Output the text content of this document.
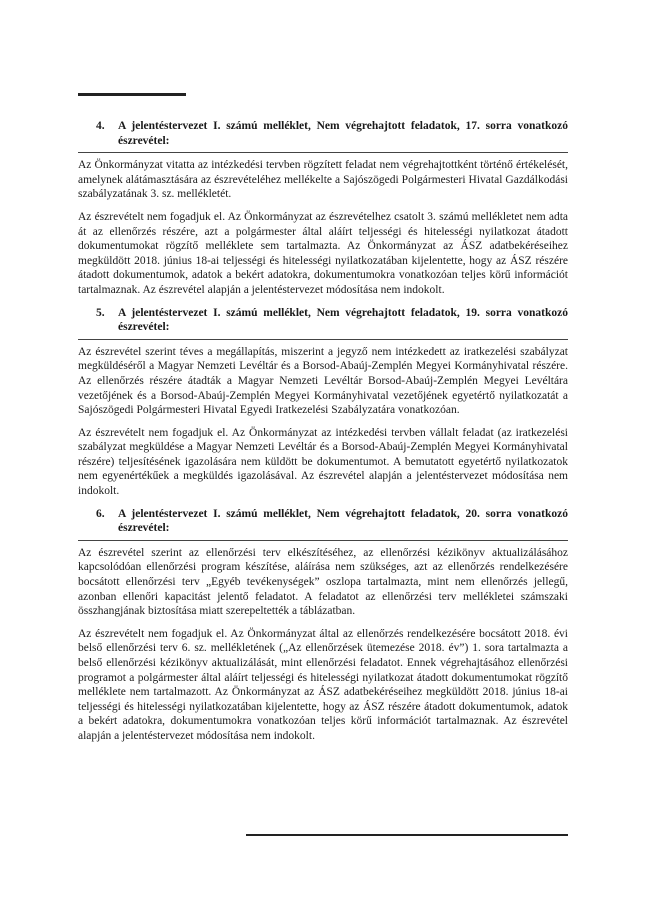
4.	A jelentéstervezet I. számú melléklet, Nem végrehajtott feladatok, 17. sorra vonatkozó észrevétel:

Az Önkormányzat vitatta az intézkedési tervben rögzített feladat nem végrehajtottként történő értékelését, amelynek alátámasztására az észrevételéhez mellékelte a Sajószögedi Polgármesteri Hivatal Gazdálkodási szabályzatának 3. sz. mellékletét.

Az észrevételt nem fogadjuk el. Az Önkormányzat az észrevételhez csatolt 3. számú mellékletet nem adta át az ellenőrzés részére, azt a polgármester által aláírt teljességi és hitelességi nyilatkozat átadott dokumentumokat rögzítő melléklete sem tartalmazta. Az Önkormányzat az ÁSZ adatbekéréseihez megküldött 2018. június 18-ai teljességi és hitelességi nyilatkozatában kijelentette, hogy az ÁSZ részére átadott dokumentumok, adatok a bekért adatokra, dokumentumokra vonatkozóan teljes körű információt tartalmaznak. Az észrevétel alapján a jelentéstervezet módosítása nem indokolt.

5.	A jelentéstervezet I. számú melléklet, Nem végrehajtott feladatok, 19. sorra vonatkozó észrevétel:

Az észrevétel szerint téves a megállapítás, miszerint a jegyző nem intézkedett az iratkezelési szabályzat megküldéséről a Magyar Nemzeti Levéltár és a Borsod-Abaúj-Zemplén Megyei Kormányhivatal részére. Az ellenőrzés részére átadták a Magyar Nemzeti Levéltár Borsod-Abaúj-Zemplén Megyei Levéltára vezetőjének és a Borsod-Abaúj-Zemplén Megyei Kormányhivatal vezetőjének egyetértő nyilatkozatát a Sajószögedi Polgármesteri Hivatal Egyedi Iratkezelési Szabályzatára vonatkozóan.

Az észrevételt nem fogadjuk el. Az Önkormányzat az intézkedési tervben vállalt feladat (az iratkezelési szabályzat megküldése a Magyar Nemzeti Levéltár és a Borsod-Abaúj-Zemplén Megyei Kormányhivatal részére) teljesítésének igazolására nem küldött be dokumentumot. A bemutatott egyetértő nyilatkozatok nem egyenértékűek a megküldés igazolásával. Az észrevétel alapján a jelentéstervezet módosítása nem indokolt.

6.	A jelentéstervezet I. számú melléklet, Nem végrehajtott feladatok, 20. sorra vonatkozó észrevétel:

Az észrevétel szerint az ellenőrzési terv elkészítéséhez, az ellenőrzési kézikönyv aktualizálásához kapcsolódóan ellenőrzési program készítése, aláírása nem szükséges, azt az ellenőrzés rendelkezésére bocsátott ellenőrzési terv „Egyéb tevékenységek” oszlopa tartalmazta, mint nem ellenőrzés jellegű, azonban ellenőri kapacitást jelentő feladatot. A feladatot az ellenőrzési terv mellékletei számszaki összhangjának biztosítása miatt szerepeltették a táblázatban.

Az észrevételt nem fogadjuk el. Az Önkormányzat által az ellenőrzés rendelkezésére bocsátott 2018. évi belső ellenőrzési terv 6. sz. mellékletének („Az ellenőrzések ütemezése 2018. év”) 1. sora tartalmazta a belső ellenőrzési kézikönyv aktualizálását, mint ellenőrzési feladatot. Ennek végrehajtásához ellenőrzési programot a polgármester által aláírt teljességi és hitelességi nyilatkozat átadott dokumentumokat rögzítő melléklete nem tartalmazott. Az Önkormányzat az ÁSZ adatbekéréseihez megküldött 2018. június 18-ai teljességi és hitelességi nyilatkozatában kijelentette, hogy az ÁSZ részére átadott dokumentumok, adatok a bekért adatokra, dokumentumokra vonatkozóan teljes körű információt tartalmaznak. Az észrevétel alapján a jelentéstervezet módosítása nem indokolt.
